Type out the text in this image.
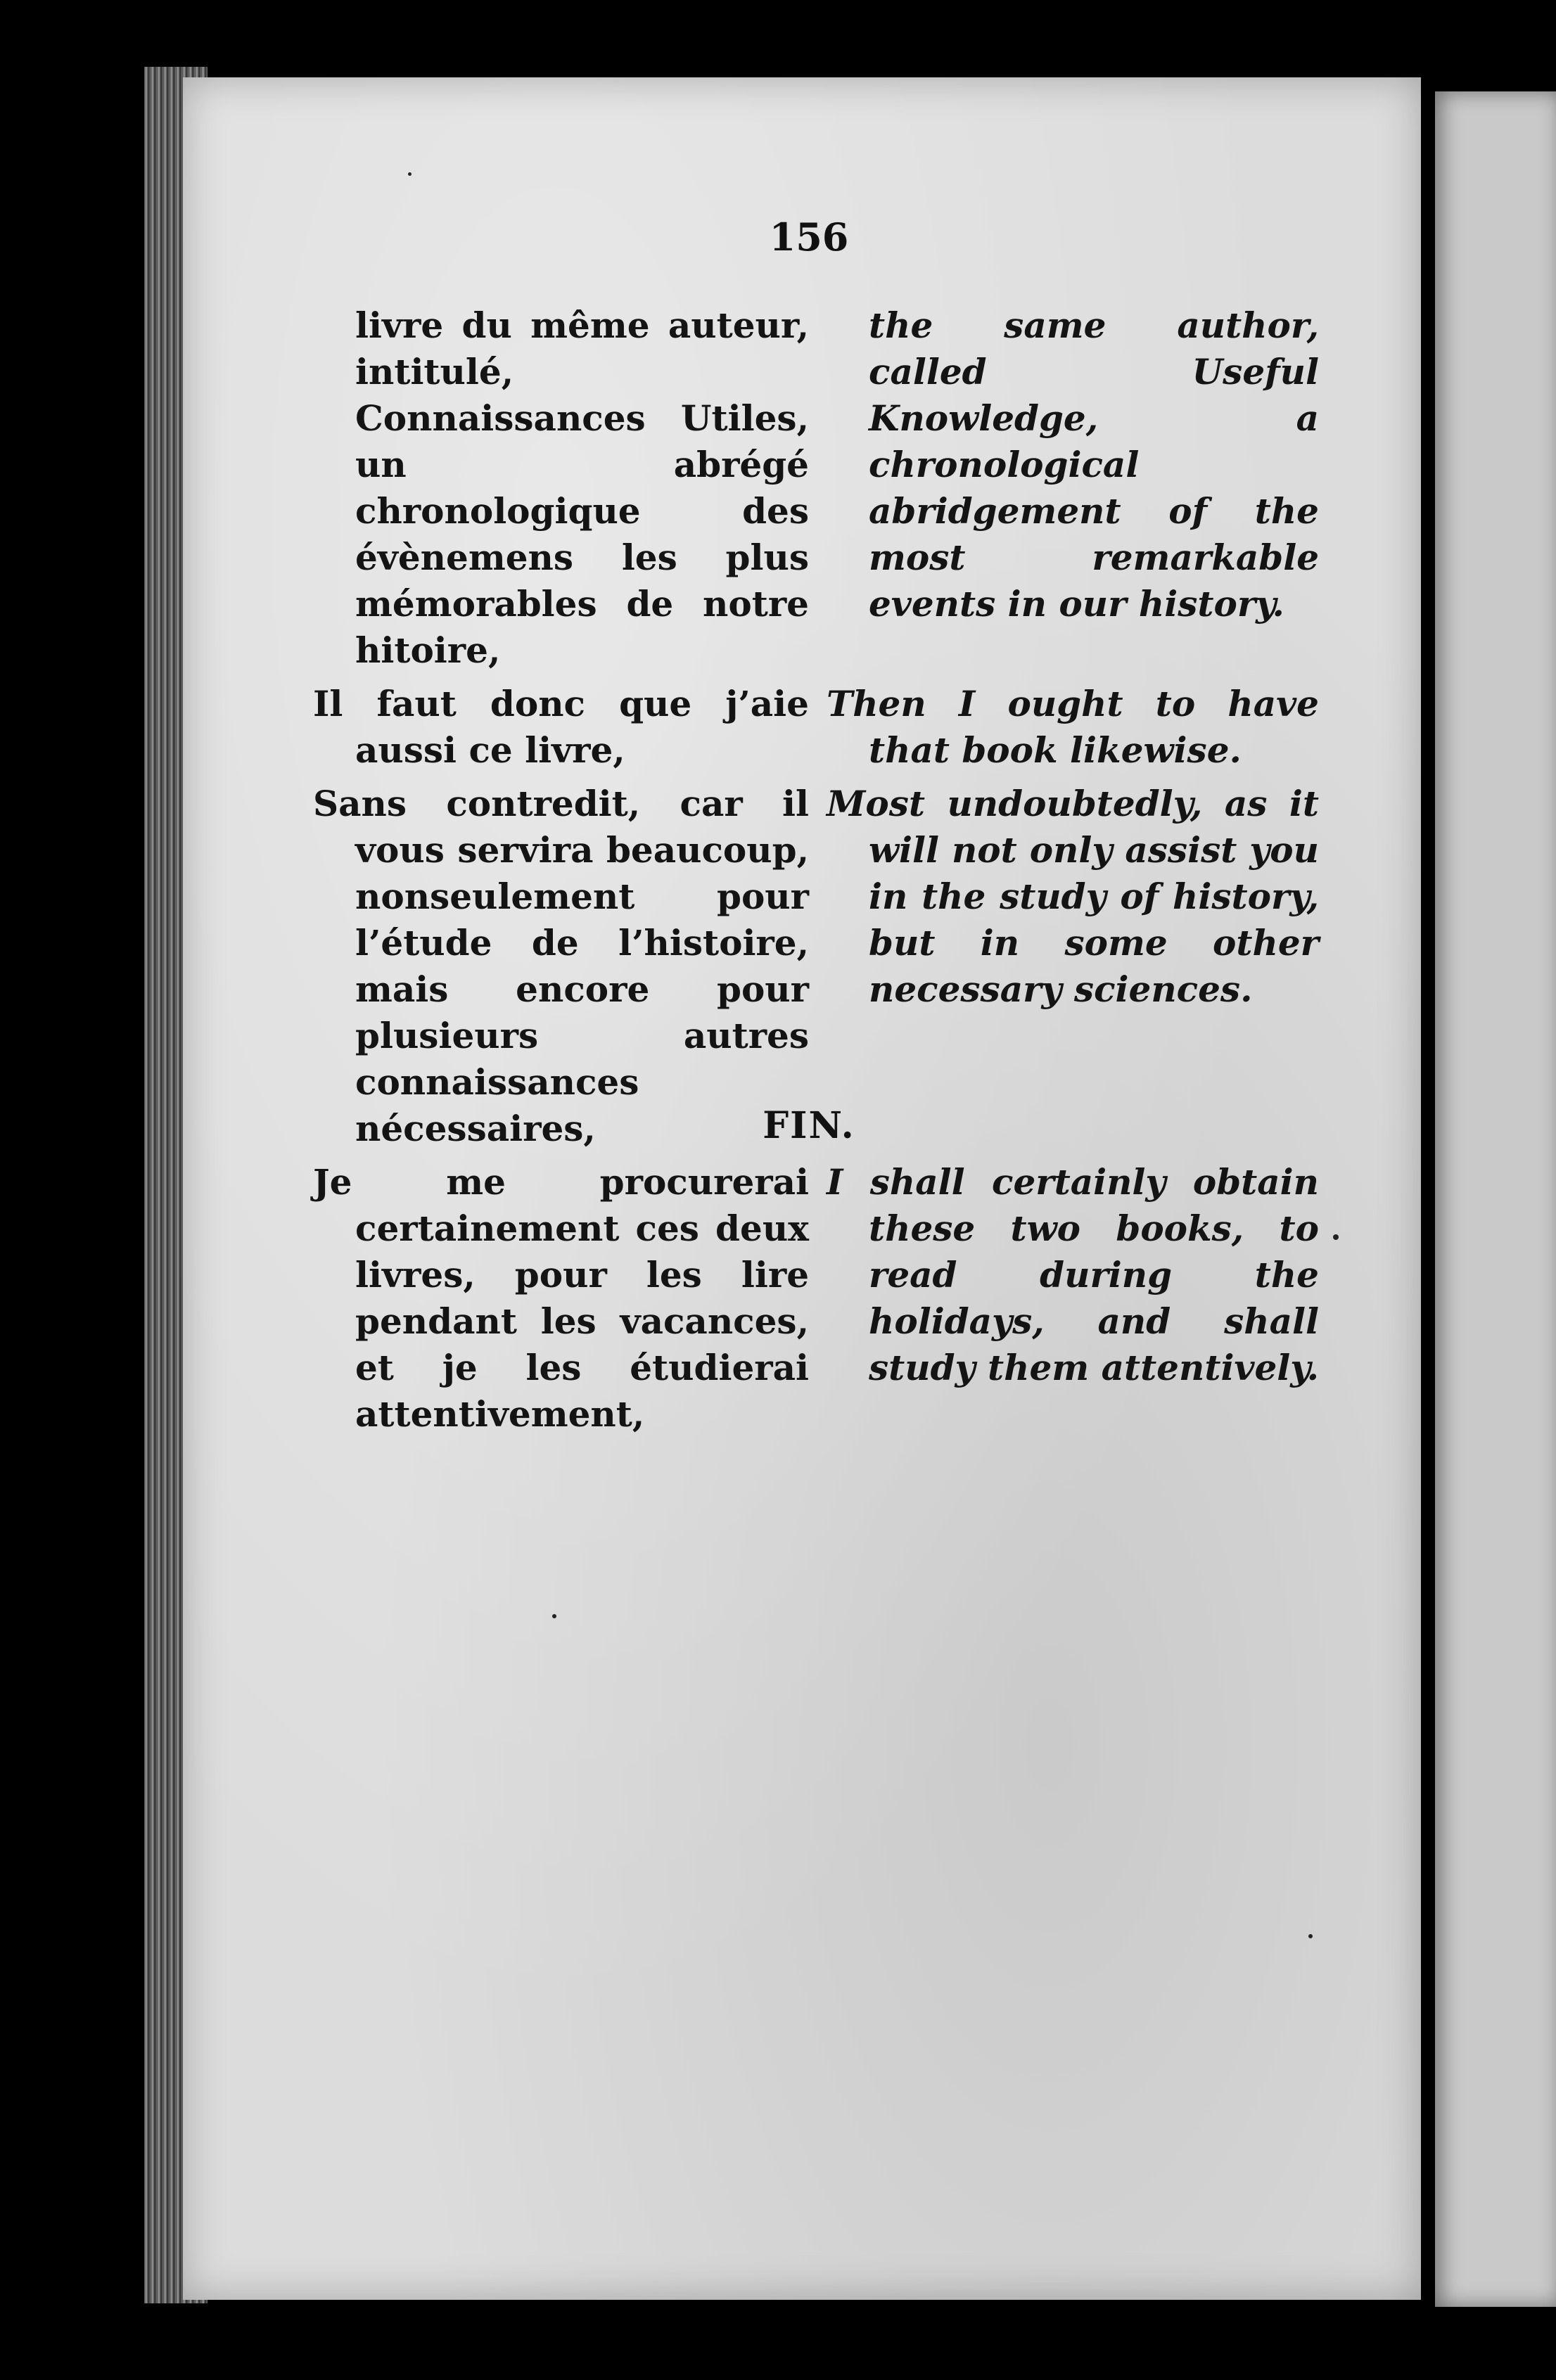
156
livre du même auteur, intitulé, Connaissances Utiles, un abrégé chronologique des évènemens les plus mémorables de notre hitoire,
the same author, called Useful Knowledge, a chronological abridgement of the most remarkable events in our history.
Il faut donc que j’aie aussi ce livre,
Then I ought to have that book likewise.
Sans contredit, car il vous servira beaucoup, nonseulement pour l’étude de l’histoire, mais encore pour plusieurs autres connaissances nécessaires,
Most undoubtedly, as it will not only assist you in the study of history, but in some other necessary sciences.
Je me procurerai certainement ces deux livres, pour les lire pendant les vacances, et je les étudierai attentivement,
I shall certainly obtain these two books, to read during the holidays, and shall study them attentively.
FIN.
